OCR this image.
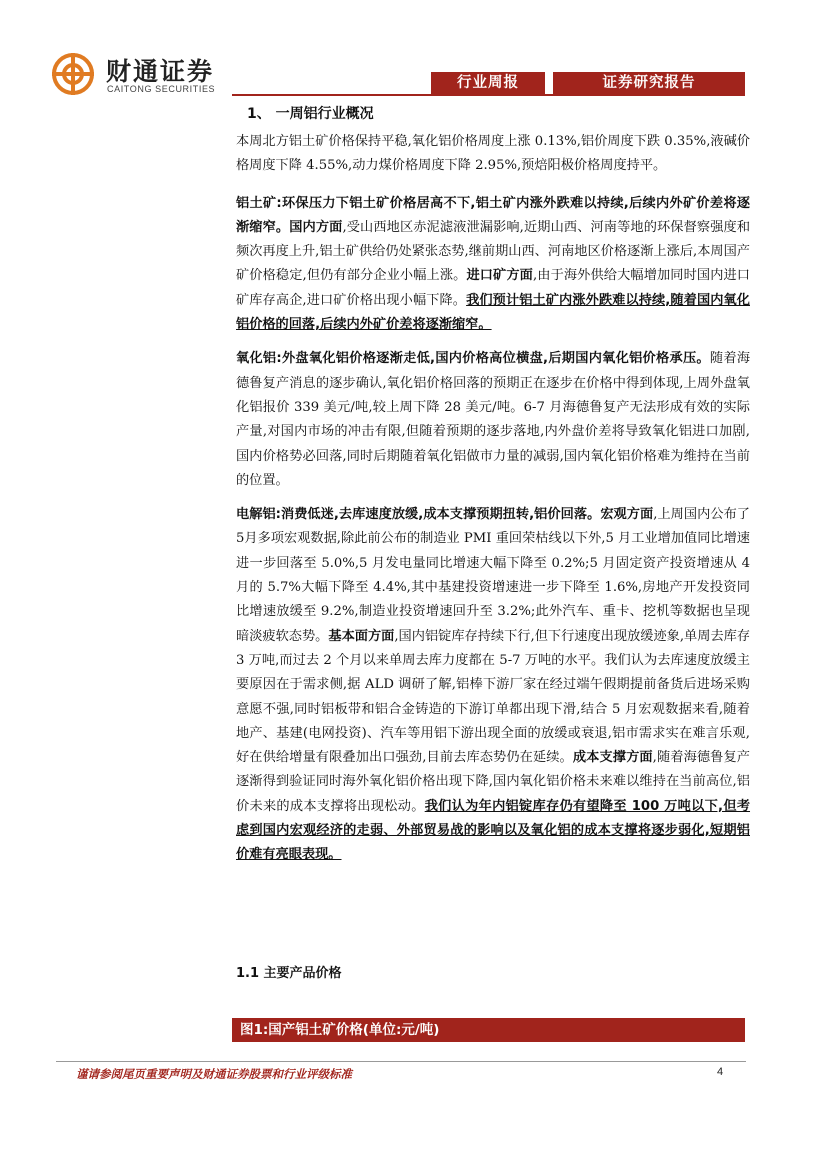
财通证券
CAITONG SECURITIES	行业周报	证券研究报告
1、 一周铝行业概况

本周北方铝土矿价格保持平稳,氧化铝价格周度上涨 0.13%,铝价周度下跌 0.35%,液碱价格周度下降 4.55%,动力煤价格周度下降 2.95%,预焙阳极价格周度持平。

铝土矿:环保压力下铝土矿价格居高不下,铝土矿内涨外跌难以持续,后续内外矿价差将逐渐缩窄。国内方面,受山西地区赤泥滤液泄漏影响,近期山西、河南等地的环保督察强度和频次再度上升,铝土矿供给仍处紧张态势,继前期山西、河南地区价格逐渐上涨后,本周国产矿价格稳定,但仍有部分企业小幅上涨。进口矿方面,由于海外供给大幅增加同时国内进口矿库存高企,进口矿价格出现小幅下降。我们预计铝土矿内涨外跌难以持续,随着国内氧化铝价格的回落,后续内外矿价差将逐渐缩窄。

氧化铝:外盘氧化铝价格逐渐走低,国内价格高位横盘,后期国内氧化铝价格承压。随着海德鲁复产消息的逐步确认,氧化铝价格回落的预期正在逐步在价格中得到体现,上周外盘氧化铝报价 339 美元/吨,较上周下降 28 美元/吨。6-7 月海德鲁复产无法形成有效的实际产量,对国内市场的冲击有限,但随着预期的逐步落地,内外盘价差将导致氧化铝进口加剧,国内价格势必回落,同时后期随着氧化铝做市力量的减弱,国内氧化铝价格难为维持在当前的位置。

电解铝:消费低迷,去库速度放缓,成本支撑预期扭转,铝价回落。宏观方面,上周国内公布了5月多项宏观数据,除此前公布的制造业 PMI 重回荣枯线以下外,5 月工业增加值同比增速进一步回落至 5.0%,5 月发电量同比增速大幅下降至 0.2%;5 月固定资产投资增速从 4 月的 5.7%大幅下降至 4.4%,其中基建投资增速进一步下降至 1.6%,房地产开发投资同比增速放缓至 9.2%,制造业投资增速回升至 3.2%;此外汽车、重卡、挖机等数据也呈现暗淡疲软态势。基本面方面,国内铝锭库存持续下行,但下行速度出现放缓迹象,单周去库存 3 万吨,而过去 2 个月以来单周去库力度都在 5-7 万吨的水平。我们认为去库速度放缓主要原因在于需求侧,据 ALD 调研了解,铝棒下游厂家在经过端午假期提前备货后进场采购意愿不强,同时铝板带和铝合金铸造的下游订单都出现下滑,结合 5 月宏观数据来看,随着地产、基建(电网投资)、汽车等用铝下游出现全面的放缓或衰退,铝市需求实在难言乐观,好在供给增量有限叠加出口强劲,目前去库态势仍在延续。成本支撑方面,随着海德鲁复产逐渐得到验证同时海外氧化铝价格出现下降,国内氧化铝价格未来难以维持在当前高位,铝价未来的成本支撑将出现松动。我们认为年内铝锭库存仍有望降至 100 万吨以下,但考虑到国内宏观经济的走弱、外部贸易战的影响以及氧化铝的成本支撑将逐步弱化,短期铝价难有亮眼表现。

1.1 主要产品价格
图1:国产铝土矿价格(单位:元/吨)
谨请参阅尾页重要声明及财通证券股票和行业评级标准	4
